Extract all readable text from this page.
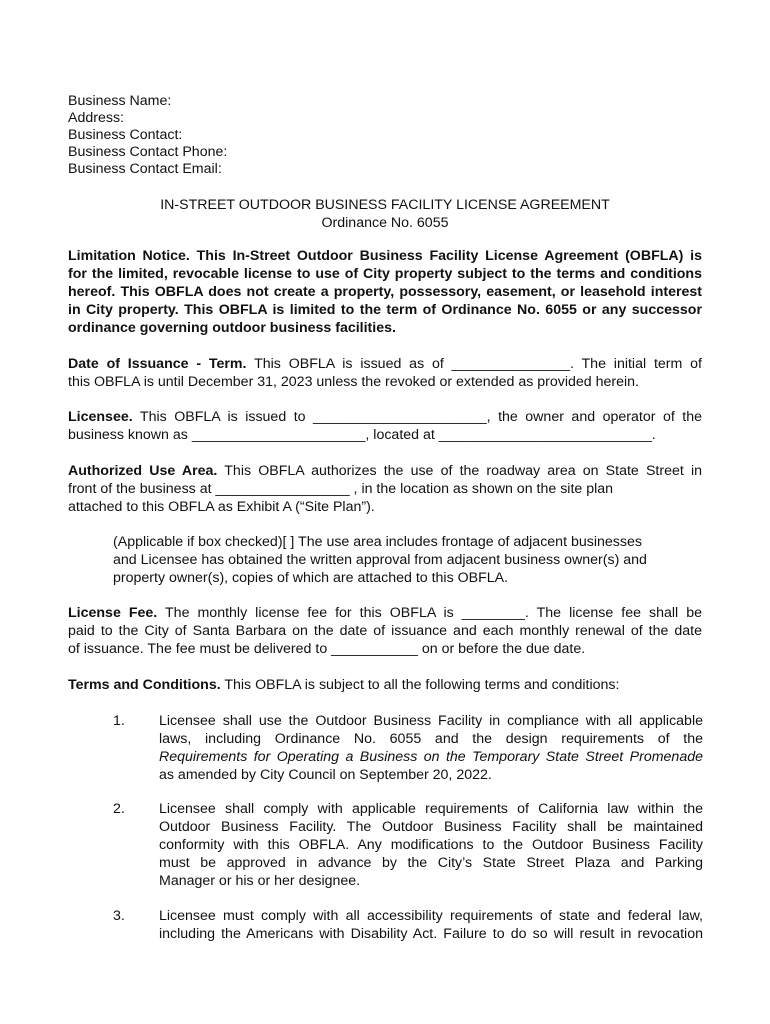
Business Name:
Address:
Business Contact:
Business Contact Phone:
Business Contact Email:
IN-STREET OUTDOOR BUSINESS FACILITY LICENSE AGREEMENT
Ordinance No. 6055
Limitation Notice. This In-Street Outdoor Business Facility License Agreement (OBFLA) is
for the limited, revocable license to use of City property subject to the terms and conditions
hereof. This OBFLA does not create a property, possessory, easement, or leasehold interest
in City property. This OBFLA is limited to the term of Ordinance No. 6055 or any successor
ordinance governing outdoor business facilities.
Date of Issuance - Term. This OBFLA is issued as of _______________. The initial term of
this OBFLA is until December 31, 2023 unless the revoked or extended as provided herein.
Licensee. This OBFLA is issued to ______________________, the owner and operator of the
business known as ______________________, located at ___________________________.
Authorized Use Area. This OBFLA authorizes the use of the roadway area on State Street in
front of the business at _________________ , in the location as shown on the site plan
attached to this OBFLA as Exhibit A (“Site Plan”).
(Applicable if box checked)[ ] The use area includes frontage of adjacent businesses
and Licensee has obtained the written approval from adjacent business owner(s) and
property owner(s), copies of which are attached to this OBFLA.
License Fee. The monthly license fee for this OBFLA is ________. The license fee shall be
paid to the City of Santa Barbara on the date of issuance and each monthly renewal of the date
of issuance. The fee must be delivered to ___________ on or before the due date.
Terms and Conditions. This OBFLA is subject to all the following terms and conditions:
1. Licensee shall use the Outdoor Business Facility in compliance with all applicable
laws, including Ordinance No. 6055 and the design requirements of the
Requirements for Operating a Business on the Temporary State Street Promenade
as amended by City Council on September 20, 2022.
2. Licensee shall comply with applicable requirements of California law within the
Outdoor Business Facility. The Outdoor Business Facility shall be maintained
conformity with this OBFLA. Any modifications to the Outdoor Business Facility
must be approved in advance by the City’s State Street Plaza and Parking
Manager or his or her designee.
3. Licensee must comply with all accessibility requirements of state and federal law,
including the Americans with Disability Act. Failure to do so will result in revocation
